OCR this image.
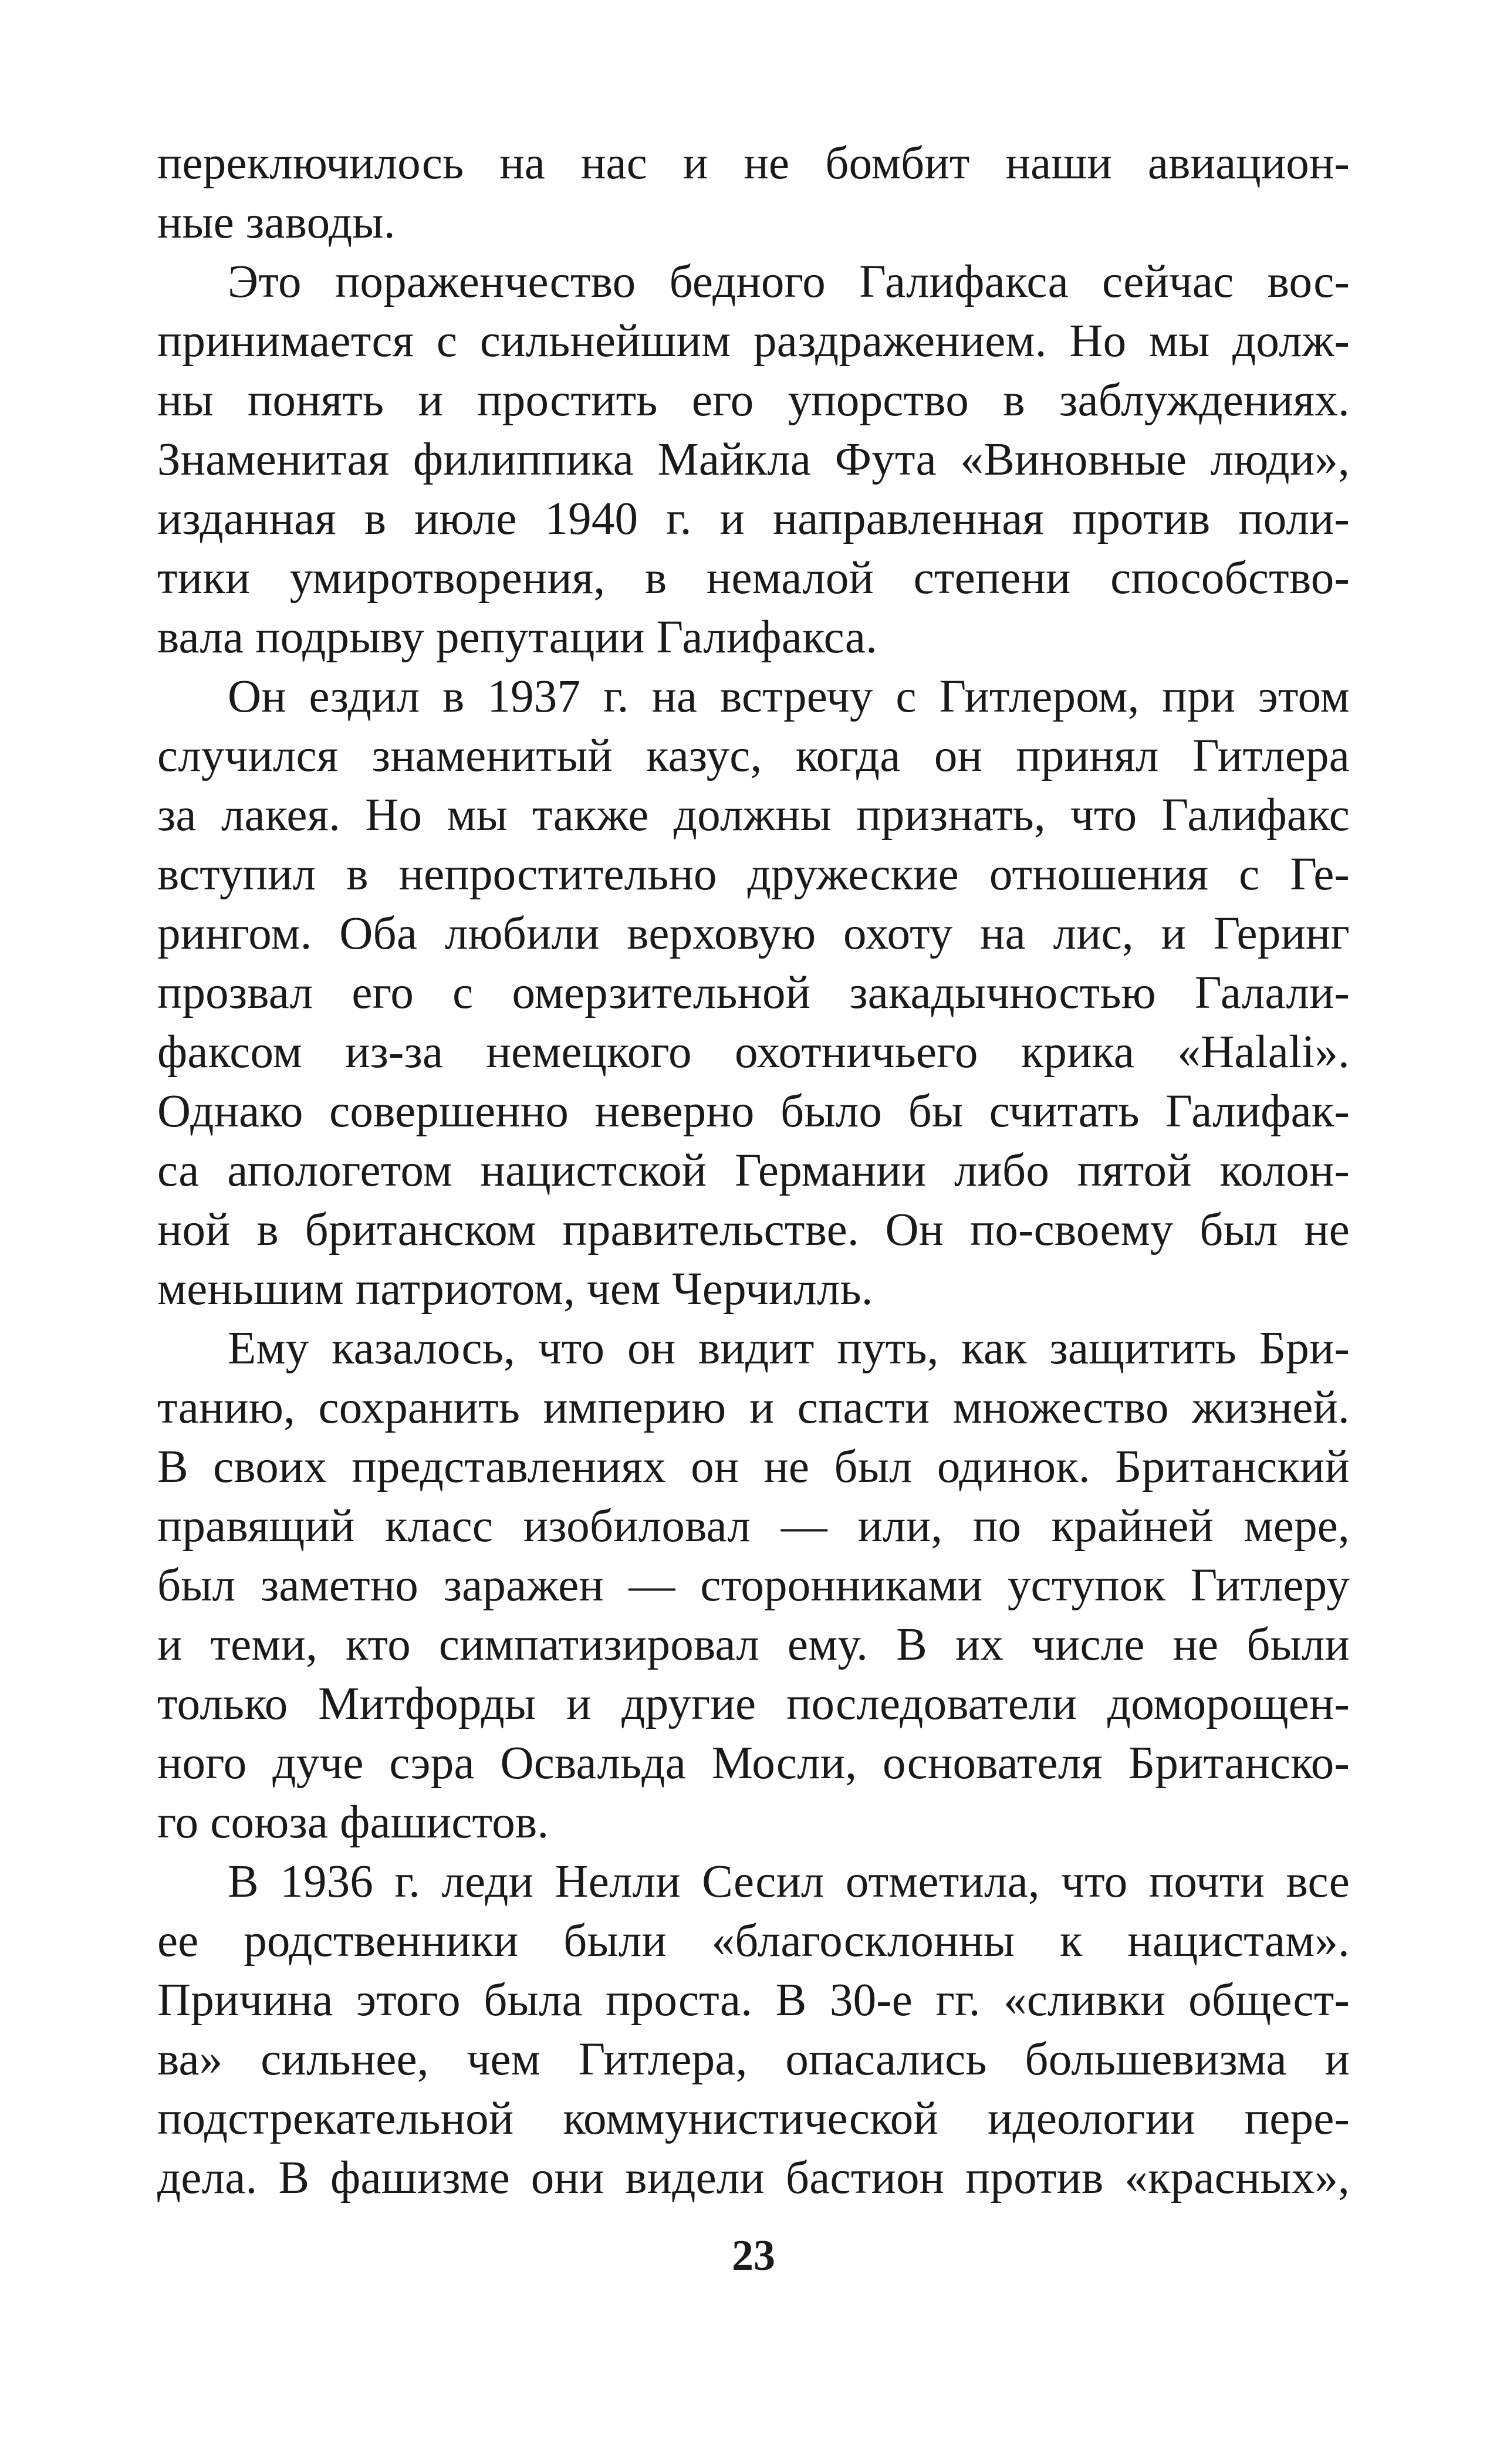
переключилось на нас и не бомбит наши авиацион-
ные заводы.
Это пораженчество бедного Галифакса сейчас вос-
принимается с сильнейшим раздражением. Но мы долж-
ны понять и простить его упорство в заблуждениях.
Знаменитая филиппика Майкла Фута «Виновные люди»,
изданная в июле 1940 г. и направленная против поли-
тики умиротворения, в немалой степени способство-
вала подрыву репутации Галифакса.
Он ездил в 1937 г. на встречу с Гитлером, при этом
случился знаменитый казус, когда он принял Гитлера
за лакея. Но мы также должны признать, что Галифакс
вступил в непростительно дружеские отношения с Ге-
рингом. Оба любили верховую охоту на лис, и Геринг
прозвал его с омерзительной закадычностью Галали-
факсом из-за немецкого охотничьего крика «Halali».
Однако совершенно неверно было бы считать Галифак-
са апологетом нацистской Германии либо пятой колон-
ной в британском правительстве. Он по-своему был не
меньшим патриотом, чем Черчилль.
Ему казалось, что он видит путь, как защитить Бри-
танию, сохранить империю и спасти множество жизней.
В своих представлениях он не был одинок. Британский
правящий класс изобиловал — или, по крайней мере,
был заметно заражен — сторонниками уступок Гитлеру
и теми, кто симпатизировал ему. В их числе не были
только Митфорды и другие последователи доморощен-
ного дуче сэра Освальда Мосли, основателя Британско-
го союза фашистов.
В 1936 г. леди Нелли Сесил отметила, что почти все
ее родственники были «благосклонны к нацистам».
Причина этого была проста. В 30-е гг. «сливки общест-
ва» сильнее, чем Гитлера, опасались большевизма и
подстрекательной коммунистической идеологии пере-
дела. В фашизме они видели бастион против «красных»,
23
